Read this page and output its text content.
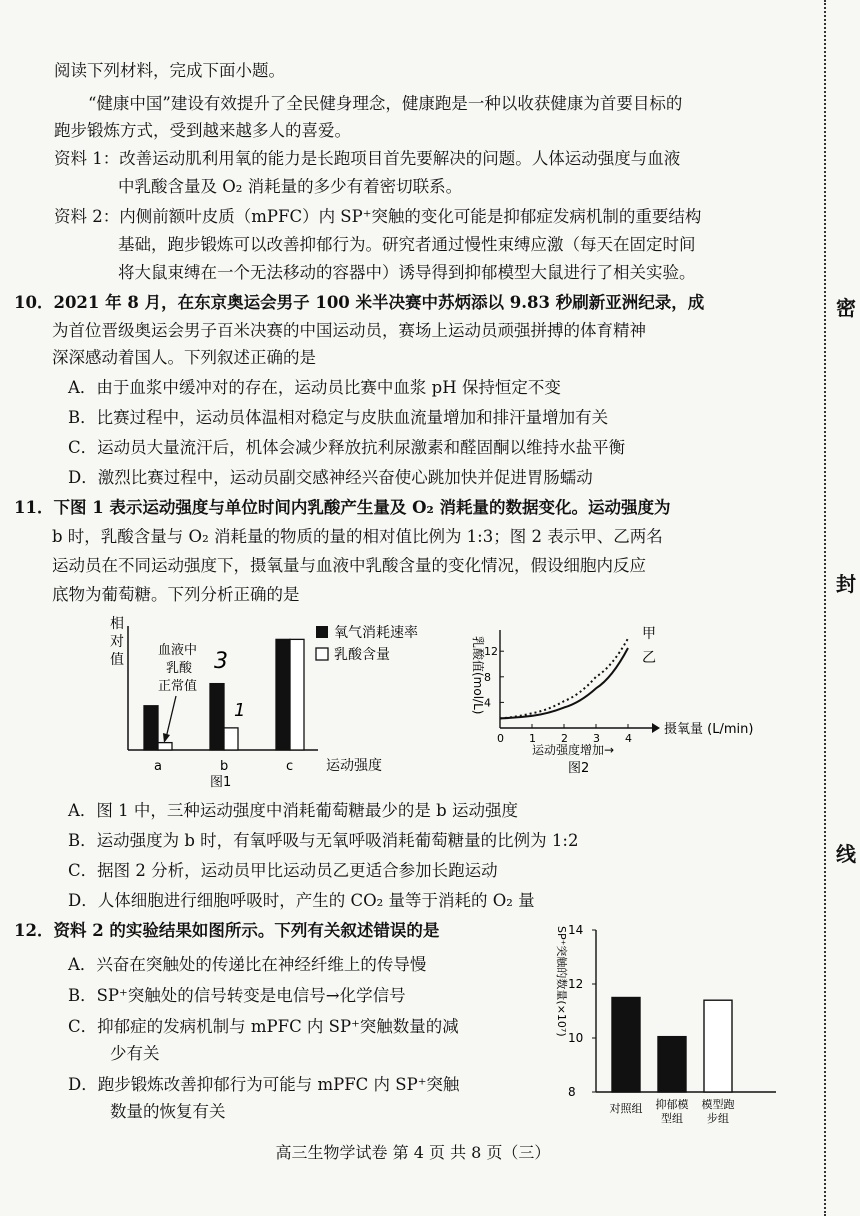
密
封
线
阅读下列材料，完成下面小题。
“健康中国”建设有效提升了全民健身理念，健康跑是一种以收获健康为首要目标的
跑步锻炼方式，受到越来越多人的喜爱。
资料 1：改善运动肌利用氧的能力是长跑项目首先要解决的问题。人体运动强度与血液
中乳酸含量及 O₂ 消耗量的多少有着密切联系。
资料 2：内侧前额叶皮质（mPFC）内 SP⁺突触的变化可能是抑郁症发病机制的重要结构
基础，跑步锻炼可以改善抑郁行为。研究者通过慢性束缚应激（每天在固定时间
将大鼠束缚在一个无法移动的容器中）诱导得到抑郁模型大鼠进行了相关实验。
10．2021 年 8 月，在东京奥运会男子 100 米半决赛中苏炳添以 9.83 秒刷新亚洲纪录，成
为首位晋级奥运会男子百米决赛的中国运动员，赛场上运动员顽强拼搏的体育精神
深深感动着国人。下列叙述正确的是
A．由于血浆中缓冲对的存在，运动员比赛中血浆 pH 保持恒定不变
B．比赛过程中，运动员体温相对稳定与皮肤血流量增加和排汗量增加有关
C．运动员大量流汗后，机体会减少释放抗利尿激素和醛固酮以维持水盐平衡
D．激烈比赛过程中，运动员副交感神经兴奋使心跳加快并促进胃肠蠕动
11．下图 1 表示运动强度与单位时间内乳酸产生量及 O₂ 消耗量的数据变化。运动强度为
b 时，乳酸含量与 O₂ 消耗量的物质的量的相对值比例为 1:3；图 2 表示甲、乙两名
运动员在不同运动强度下，摄氧量与血液中乳酸含量的变化情况，假设细胞内反应
底物为葡萄糖。下列分析正确的是
相
对
值
血液中
乳酸
正常值
3
1
a	b	c
氧气消耗速率
乳酸含量
运动强度
图1
乳酸值(mol/L)
0 1 2 3 4
4
8
12
甲
乙
摄氧量 (L/min)
运动强度增加→
图2
A．图 1 中，三种运动强度中消耗葡萄糖最少的是 b 运动强度
B．运动强度为 b 时，有氧呼吸与无氧呼吸消耗葡萄糖量的比例为 1:2
C．据图 2 分析，运动员甲比运动员乙更适合参加长跑运动
D．人体细胞进行细胞呼吸时，产生的 CO₂ 量等于消耗的 O₂ 量
12．资料 2 的实验结果如图所示。下列有关叙述错误的是
A．兴奋在突触处的传递比在神经纤维上的传导慢
B．SP⁺突触处的信号转变是电信号→化学信号
C．抑郁症的发病机制与 mPFC 内 SP⁺突触数量的减
少有关
D．跑步锻炼改善抑郁行为可能与 mPFC 内 SP⁺突触
数量的恢复有关
SP⁺突触的数量(×10⁷)
8
10
12
14
对照组 抑郁模
型组
模型跑
步组
高三生物学试卷 第 4 页 共 8 页（三）
